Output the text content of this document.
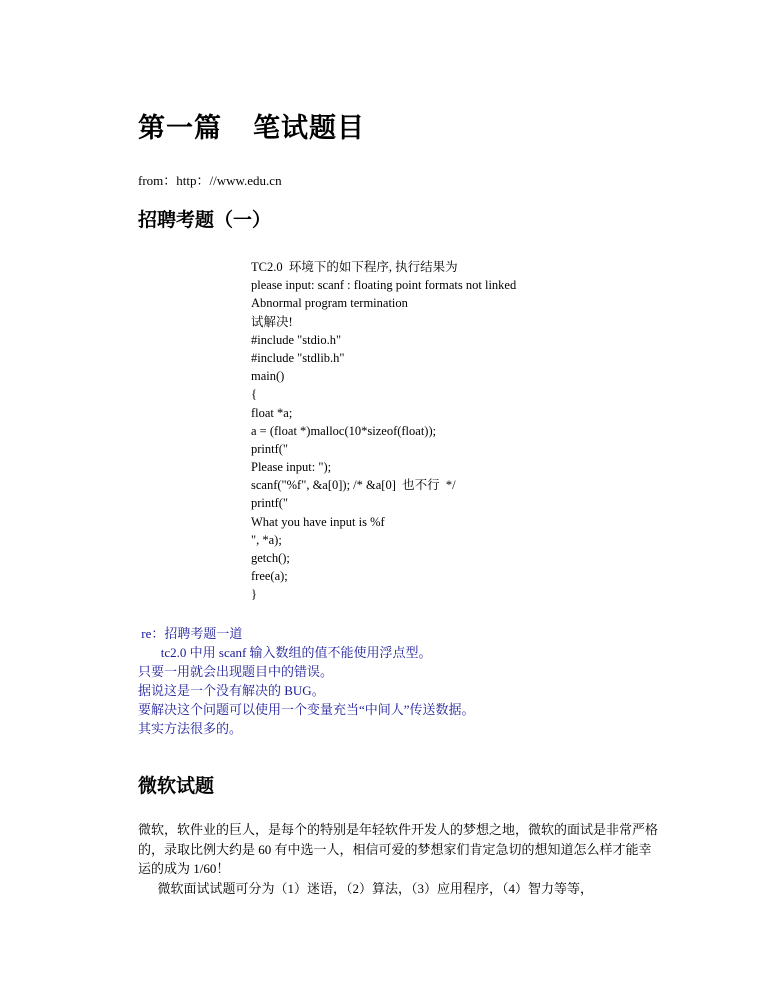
第一篇    笔试题目

from：http：//www.edu.cn

招聘考题（一）
TC2.0  环境下的如下程序, 执行结果为
please input: scanf : floating point formats not linked
Abnormal program termination
试解决!
#include "stdio.h"
#include "stdlib.h"
main()
{
float *a;
a = (float *)malloc(10*sizeof(float));
printf("
Please input: ");
scanf("%f", &a[0]); /* &a[0]  也不行  */
printf("
What you have input is %f
", *a);
getch();
free(a);
}
re：招聘考题一道
tc2.0 中用 scanf 输入数组的值不能使用浮点型。
只要一用就会出现题目中的错误。
据说这是一个没有解决的 BUG。
要解决这个问题可以使用一个变量充当“中间人”传送数据。
其实方法很多的。
微软试题
微软，软件业的巨人，是每个的特别是年轻软件开发人的梦想之地，微软的面试是非常严格
的，录取比例大约是 60 有中选一人，相信可爱的梦想家们肯定急切的想知道怎么样才能幸
运的成为 1/60！
微软面试试题可分为（1）迷语，（2）算法，（3）应用程序，（4）智力等等，
